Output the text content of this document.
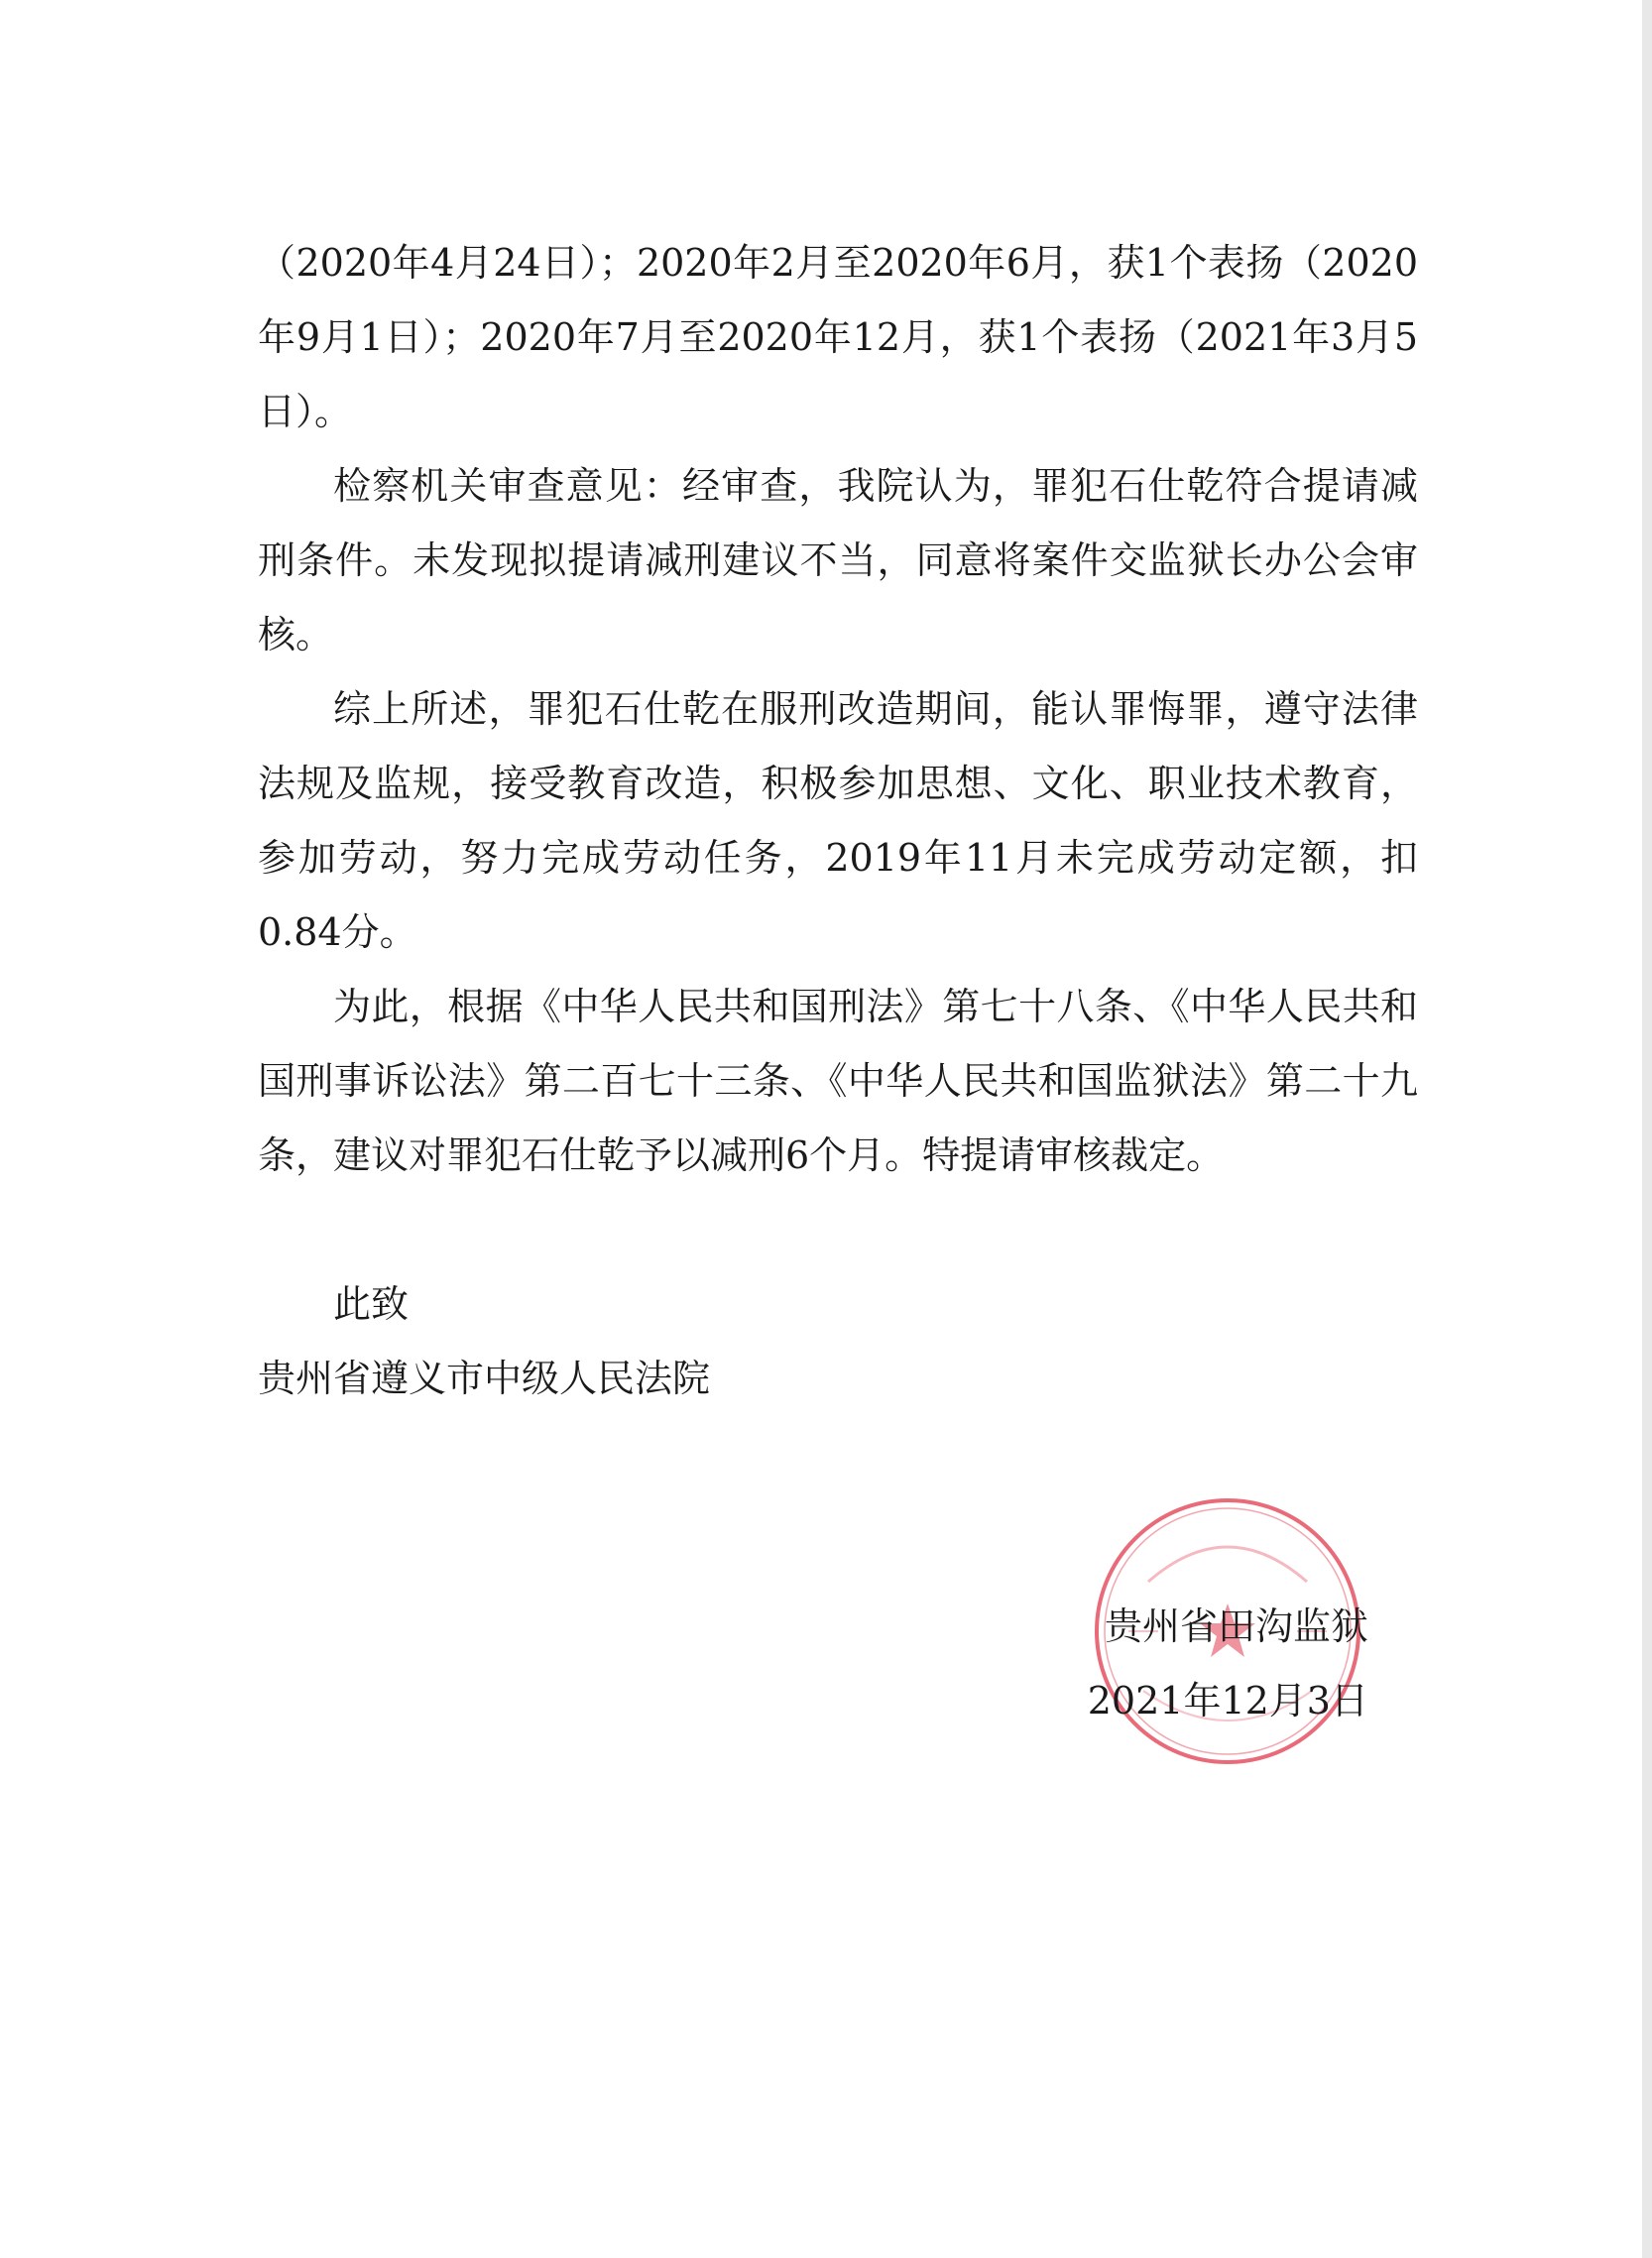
（2020年4月24日）；2020年2月至2020年6月，获1个表扬（2020年9月1日）；2020年7月至2020年12月，获1个表扬（2021年3月5日）。

检察机关审查意见：经审查，我院认为，罪犯石仕乾符合提请减刑条件。未发现拟提请减刑建议不当，同意将案件交监狱长办公会审核。

综上所述，罪犯石仕乾在服刑改造期间，能认罪悔罪，遵守法律法规及监规，接受教育改造，积极参加思想、文化、职业技术教育，参加劳动，努力完成劳动任务，2019年11月未完成劳动定额，扣0.84分。

为此，根据《中华人民共和国刑法》第七十八条、《中华人民共和国刑事诉讼法》第二百七十三条、《中华人民共和国监狱法》第二十九条，建议对罪犯石仕乾予以减刑6个月。特提请审核裁定。

此致

贵州省遵义市中级人民法院

贵州省田沟监狱
2021年12月3日
